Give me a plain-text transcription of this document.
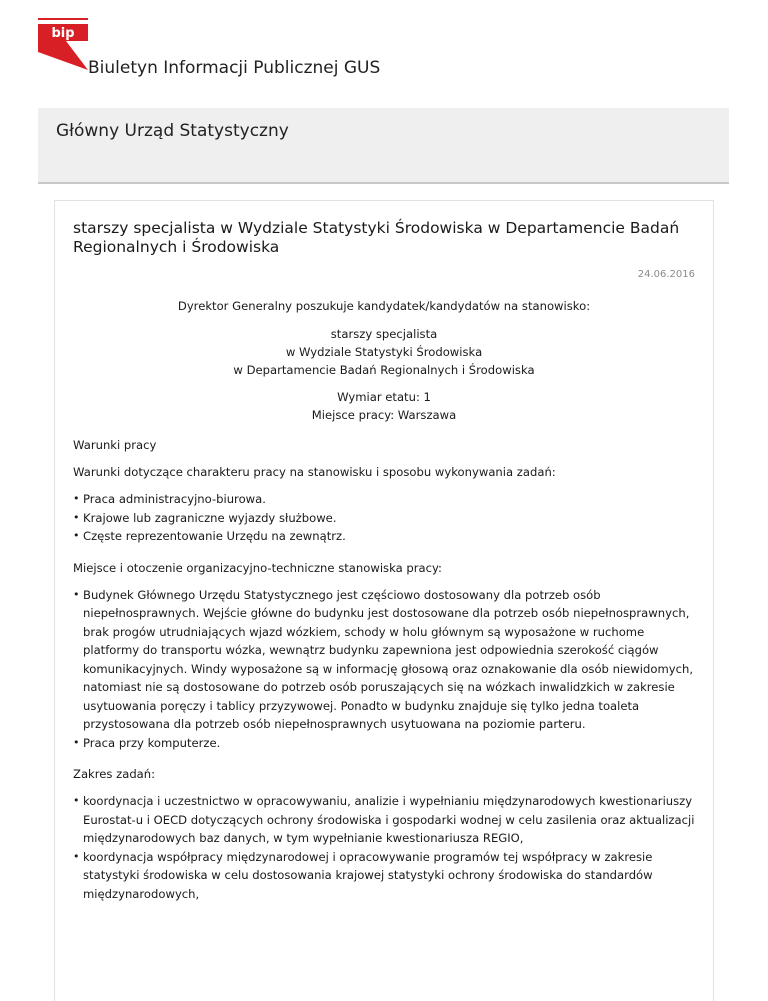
bip
Biuletyn Informacji Publicznej GUS
Główny Urząd Statystyczny
starszy specjalista w Wydziale Statystyki Środowiska w Departamencie Badań Regionalnych i Środowiska
24.06.2016

Dyrektor Generalny poszukuje kandydatek/kandydatów na stanowisko:

starszy specjalista

w Wydziale Statystyki Środowiska

w Departamencie Badań Regionalnych i Środowiska

Wymiar etatu: 1

Miejsce pracy: Warszawa

Warunki pracy

Warunki dotyczące charakteru pracy na stanowisku i sposobu wykonywania zadań:

• Praca administracyjno-biurowa.
• Krajowe lub zagraniczne wyjazdy służbowe.
• Częste reprezentowanie Urzędu na zewnątrz.

Miejsce i otoczenie organizacyjno-techniczne stanowiska pracy:

• Budynek Głównego Urzędu Statystycznego jest częściowo dostosowany dla potrzeb osób niepełnosprawnych. Wejście główne do budynku jest dostosowane dla potrzeb osób niepełnosprawnych, brak progów utrudniających wjazd wózkiem, schody w holu głównym są wyposażone w ruchome platformy do transportu wózka, wewnątrz budynku zapewniona jest odpowiednia szerokość ciągów komunikacyjnych. Windy wyposażone są w informację głosową oraz oznakowanie dla osób niewidomych, natomiast nie są dostosowane do potrzeb osób poruszających się na wózkach inwalidzkich w zakresie usytuowania poręczy i tablicy przyzywowej. Ponadto w budynku znajduje się tylko jedna toaleta przystosowana dla potrzeb osób niepełnosprawnych usytuowana na poziomie parteru.
• Praca przy komputerze.

Zakres zadań:

• koordynacja i uczestnictwo w opracowywaniu, analizie i wypełnianiu międzynarodowych kwestionariuszy Eurostat-u i OECD dotyczących ochrony środowiska i gospodarki wodnej w celu zasilenia oraz aktualizacji międzynarodowych baz danych, w tym wypełnianie kwestionariusza REGIO,
• koordynacja współpracy międzynarodowej i opracowywanie programów tej współpracy w zakresie statystyki środowiska w celu dostosowania krajowej statystyki ochrony środowiska do standardów międzynarodowych,
